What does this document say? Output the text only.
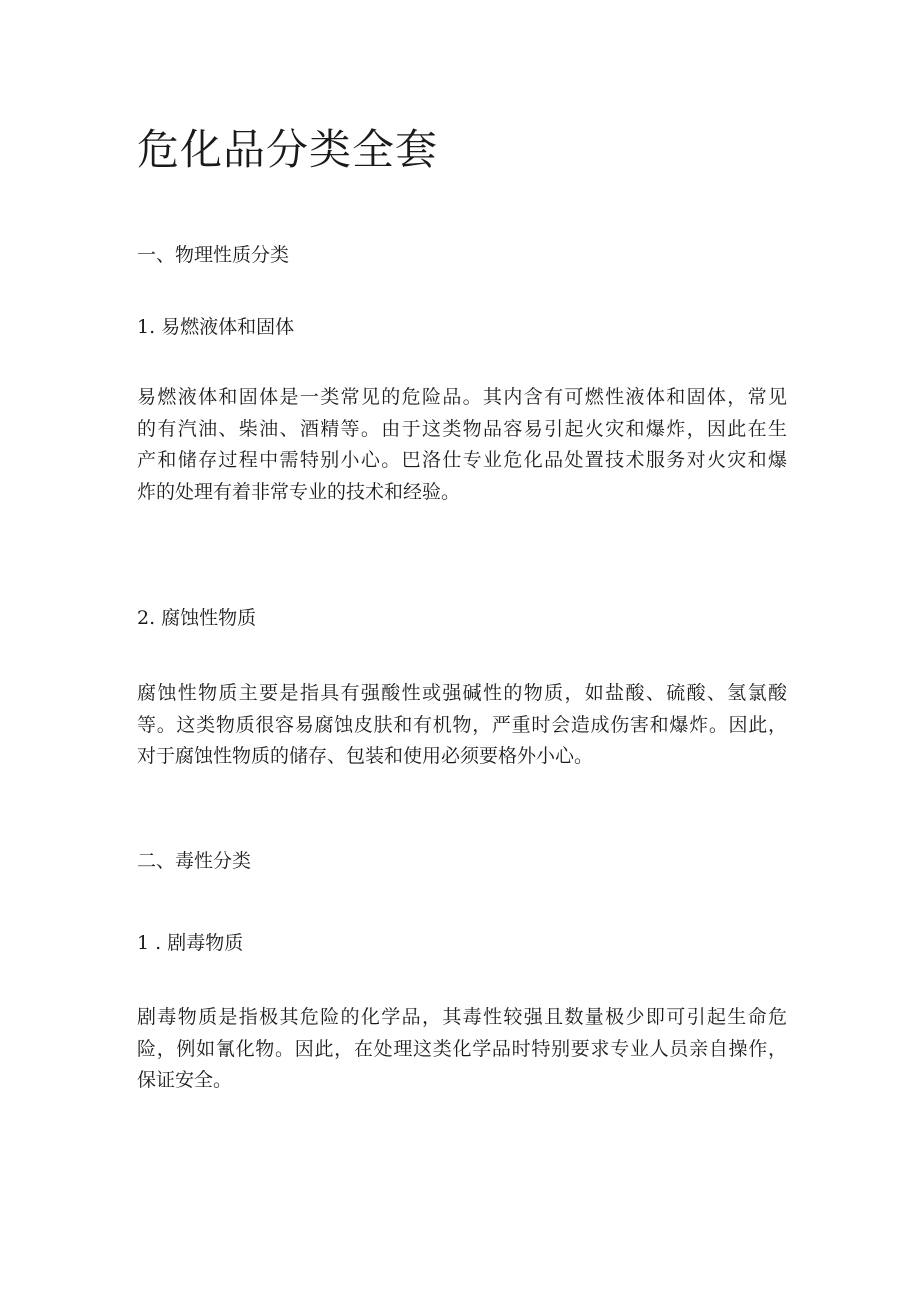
危化品分类全套
一、物理性质分类
1. 易燃液体和固体
易燃液体和固体是一类常见的危险品。其内含有可燃性液体和固体，常见
的有汽油、柴油、酒精等。由于这类物品容易引起火灾和爆炸，因此在生
产和储存过程中需特别小心。巴洛仕专业危化品处置技术服务对火灾和爆
炸的处理有着非常专业的技术和经验。
2. 腐蚀性物质
腐蚀性物质主要是指具有强酸性或强碱性的物质，如盐酸、硫酸、氢氯酸
等。这类物质很容易腐蚀皮肤和有机物，严重时会造成伤害和爆炸。因此，
对于腐蚀性物质的储存、包装和使用必须要格外小心。
二、毒性分类
1 . 剧毒物质
剧毒物质是指极其危险的化学品，其毒性较强且数量极少即可引起生命危
险，例如氰化物。因此，在处理这类化学品时特别要求专业人员亲自操作，
保证安全。
